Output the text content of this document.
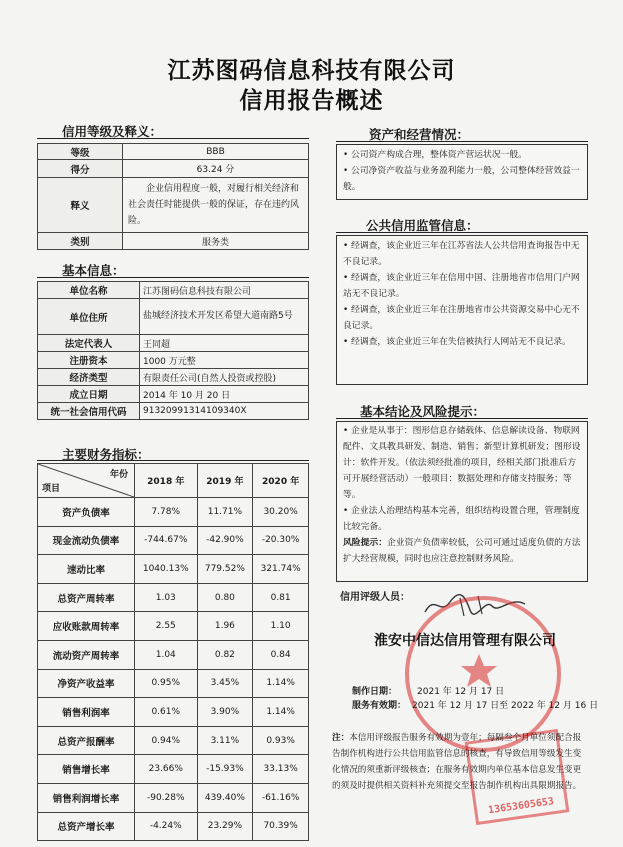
江苏图码信息科技有限公司
信用报告概述
信用等级及释义：
等级	BBB
得分	63.24 分
释义	企业信用程度一般，对履行相关经济和社会责任时能提供一般的保证，存在违约风险。
类别	服务类
基本信息：
单位名称	江苏图码信息科技有限公司
单位住所	盐城经济技术开发区希望大道南路5号
法定代表人	王同超
注册资本	1000 万元整
经济类型	有限责任公司(自然人投资或控股)
成立日期	2014 年 10 月 20 日
统一社会信用代码	91320991314109340X
主要财务指标：
年份
项目	2018 年	2019 年	2020 年
资产负债率	7.78%	11.71%	30.20%
现金流动负债率	-744.67%	-42.90%	-20.30%
速动比率	1040.13%	779.52%	321.74%
总资产周转率	1.03	0.80	0.81
应收账款周转率	2.55	1.96	1.10
流动资产周转率	1.04	0.82	0.84
净资产收益率	0.95%	3.45%	1.14%
销售利润率	0.61%	3.90%	1.14%
总资产报酬率	0.94%	3.11%	0.93%
销售增长率	23.66%	-15.93%	33.13%
销售利润增长率	-90.28%	439.40%	-61.16%
总资产增长率	-4.24%	23.29%	70.39%
资产和经营情况：

• 公司资产构成合理，整体资产营运状况一般。

• 公司净资产收益与业务盈利能力一般，公司整体经营效益一般。

公共信用监管信息：

• 经调查，该企业近三年在江苏省法人公共信用查询报告中无不良记录。

• 经调查，该企业近三年在信用中国、注册地省市信用门户网站无不良记录。

• 经调查，该企业近三年在注册地省市公共资源交易中心无不良记录。

• 经调查，该企业近三年在失信被执行人网站无不良记录。

基本结论及风险提示：

• 企业是从事于：图形信息存储载体、信息解读设备、物联网配件、文具教具研发、制造、销售；新型计算机研发；图形设计：软件开发。（依法须经批准的项目，经相关部门批准后方可开展经营活动）一般项目：数据处理和存储支持服务；等等。

• 企业法人治理结构基本完善，组织结构设置合理，管理制度比较完备。

风险提示：企业资产负债率较低，公司可通过适度负债的方法扩大经营规模，同时也应注意控制财务风险。

信用评级人员：
淮安中信达信用管理有限公司
制作日期： 2021 年 12 月 17 日
服务有效期： 2021 年 12 月 17 日至 2022 年 12 月 16 日
13653605653
注：本信用评级报告服务有效期为壹年；每隔叁个月单位须配合报告制作机构进行公共信用监管信息的核查，有导致信用等级发生变化情况的须重新评级核查；在服务有效期内单位基本信息发生变更的须及时提供相关资料补充须提交至报告制作机构出具限期报告。
